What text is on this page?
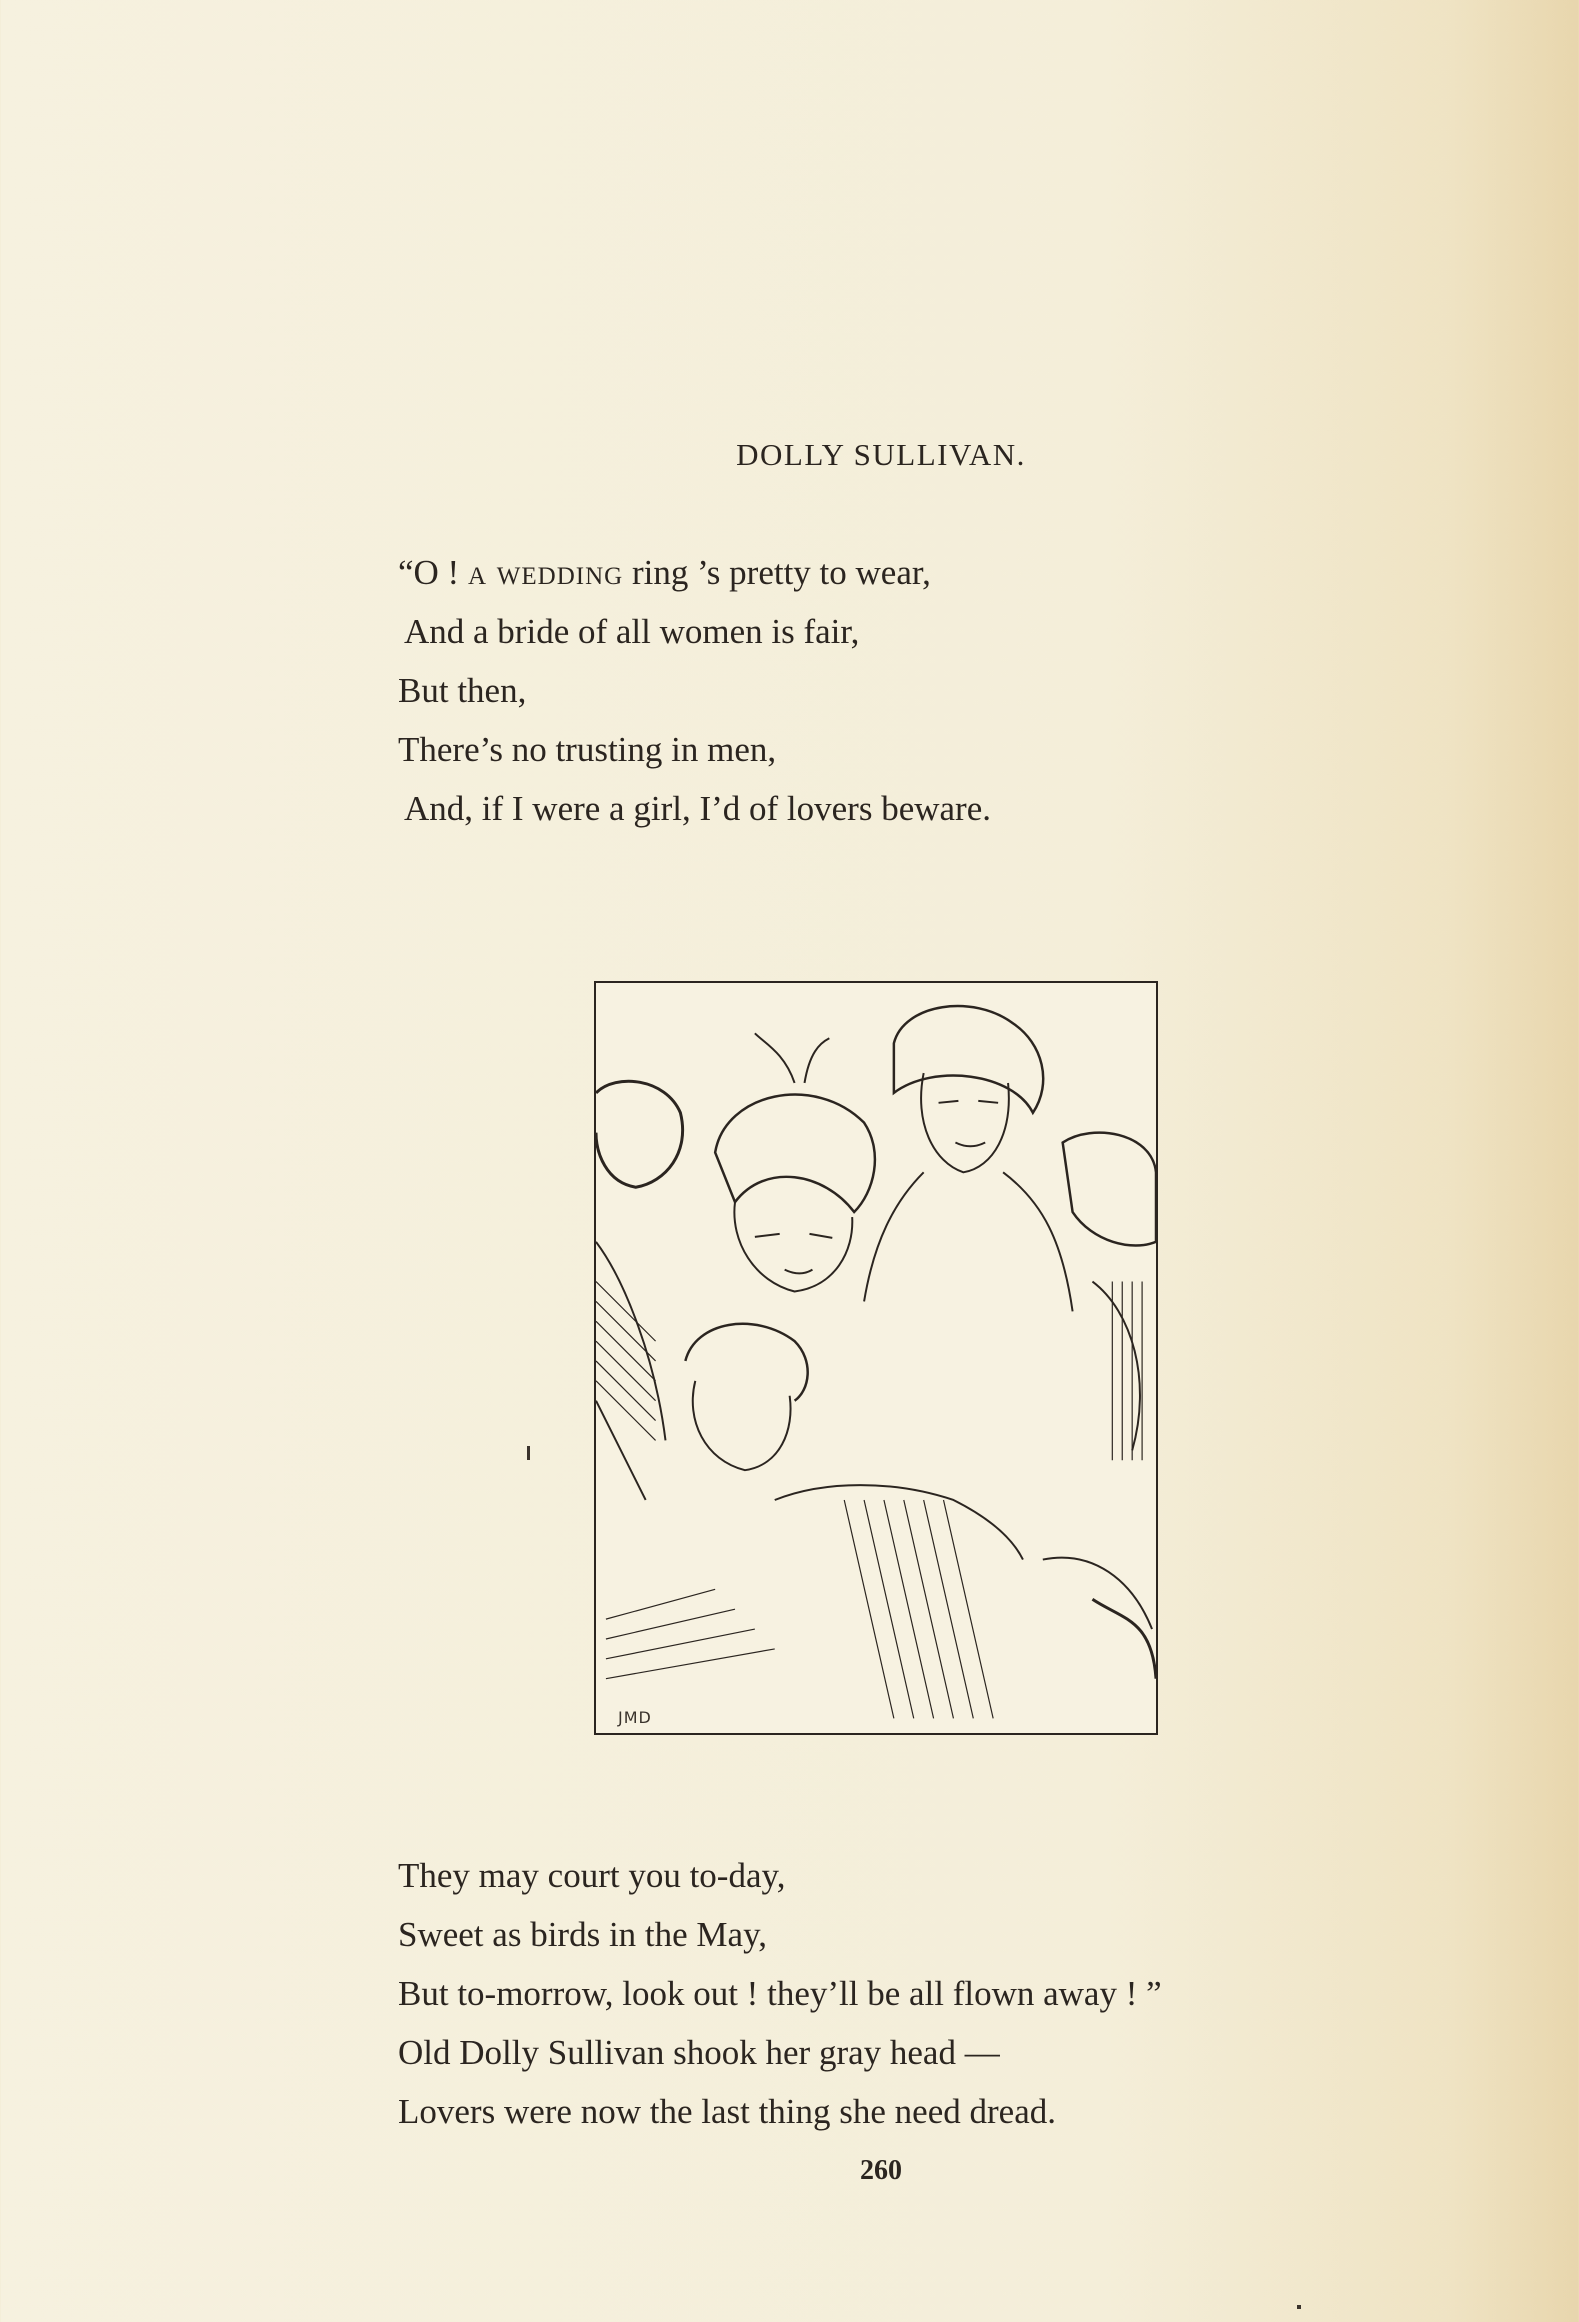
DOLLY SULLIVAN.
“O ! a wedding ring ’s pretty to wear,
And a bride of all women is fair,
But then,
There’s no trusting in men,
And, if I were a girl, I’d of lovers beware.
JMD
They may court you to-day,
Sweet as birds in the May,
But to-morrow, look out ! they’ll be all flown away ! ”
Old Dolly Sullivan shook her gray head —
Lovers were now the last thing she need dread.
260
